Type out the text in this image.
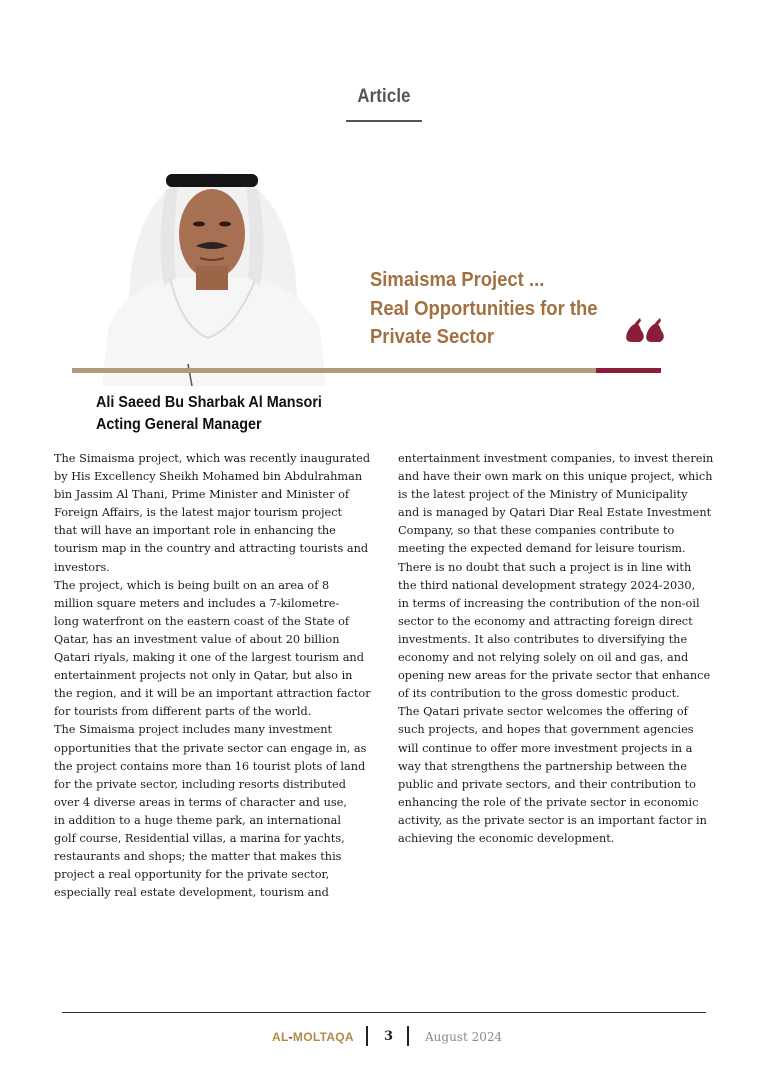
Article
Simaisma Project ...
Real Opportunities for the
Private Sector
Ali Saeed Bu Sharbak Al Mansori
Acting General Manager
The Simaisma project, which was recently inaugurated
by His Excellency Sheikh Mohamed bin Abdulrahman
bin Jassim Al Thani, Prime Minister and Minister of
Foreign Affairs, is the latest major tourism project
that will have an important role in enhancing the
tourism map in the country and attracting tourists and
investors.
The project, which is being built on an area of 8
million square meters and includes a 7-kilometre-
long waterfront on the eastern coast of the State of
Qatar, has an investment value of about 20 billion
Qatari riyals, making it one of the largest tourism and
entertainment projects not only in Qatar, but also in
the region, and it will be an important attraction factor
for tourists from different parts of the world.
The Simaisma project includes many investment
opportunities that the private sector can engage in, as
the project contains more than 16 tourist plots of land
for the private sector, including resorts distributed
over 4 diverse areas in terms of character and use,
in addition to a huge theme park, an international
golf course, Residential villas, a marina for yachts,
restaurants and shops; the matter that makes this
project a real opportunity for the private sector,
especially real estate development, tourism and
entertainment investment companies, to invest therein
and have their own mark on this unique project, which
is the latest project of the Ministry of Municipality
and is managed by Qatari Diar Real Estate Investment
Company, so that these companies contribute to
meeting the expected demand for leisure tourism.
There is no doubt that such a project is in line with
the third national development strategy 2024-2030,
in terms of increasing the contribution of the non-oil
sector to the economy and attracting foreign direct
investments. It also contributes to diversifying the
economy and not relying solely on oil and gas, and
opening new areas for the private sector that enhance
of its contribution to the gross domestic product.
The Qatari private sector welcomes the offering of
such projects, and hopes that government agencies
will continue to offer more investment projects in a
way that strengthens the partnership between the
public and private sectors, and their contribution to
enhancing the role of the private sector in economic
activity, as the private sector is an important factor in
achieving the economic development.
AL-MOLTAQA 3	August 2024
